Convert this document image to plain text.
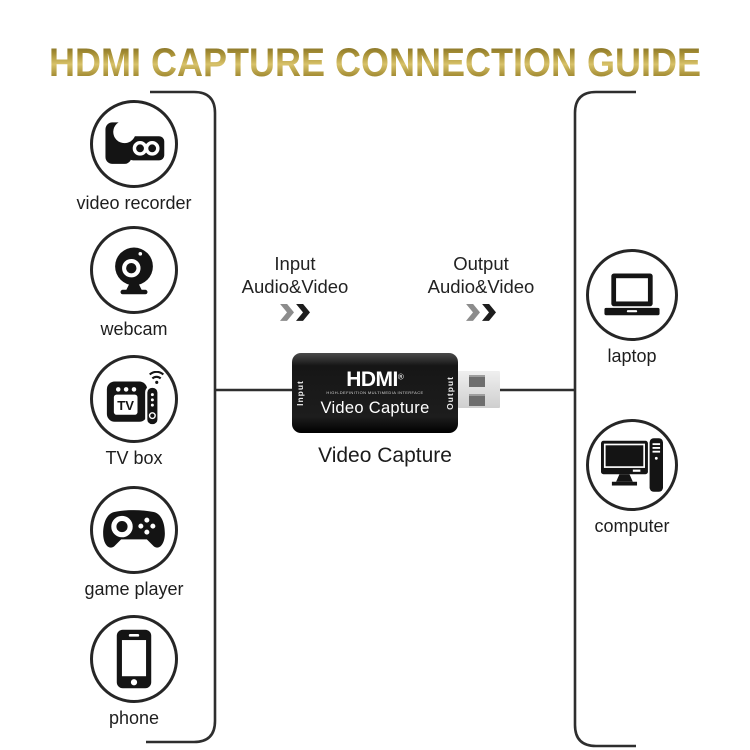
HDMI CAPTURE CONNECTION GUIDE
video recorder
webcam
TV
TV box
game player
phone
Input
Audio&Video
Output
Audio&Video
Input
HDMI®
HIGH-DEFINITION MULTIMEDIA INTERFACE
Video Capture Output
Video Capture
laptop
computer
